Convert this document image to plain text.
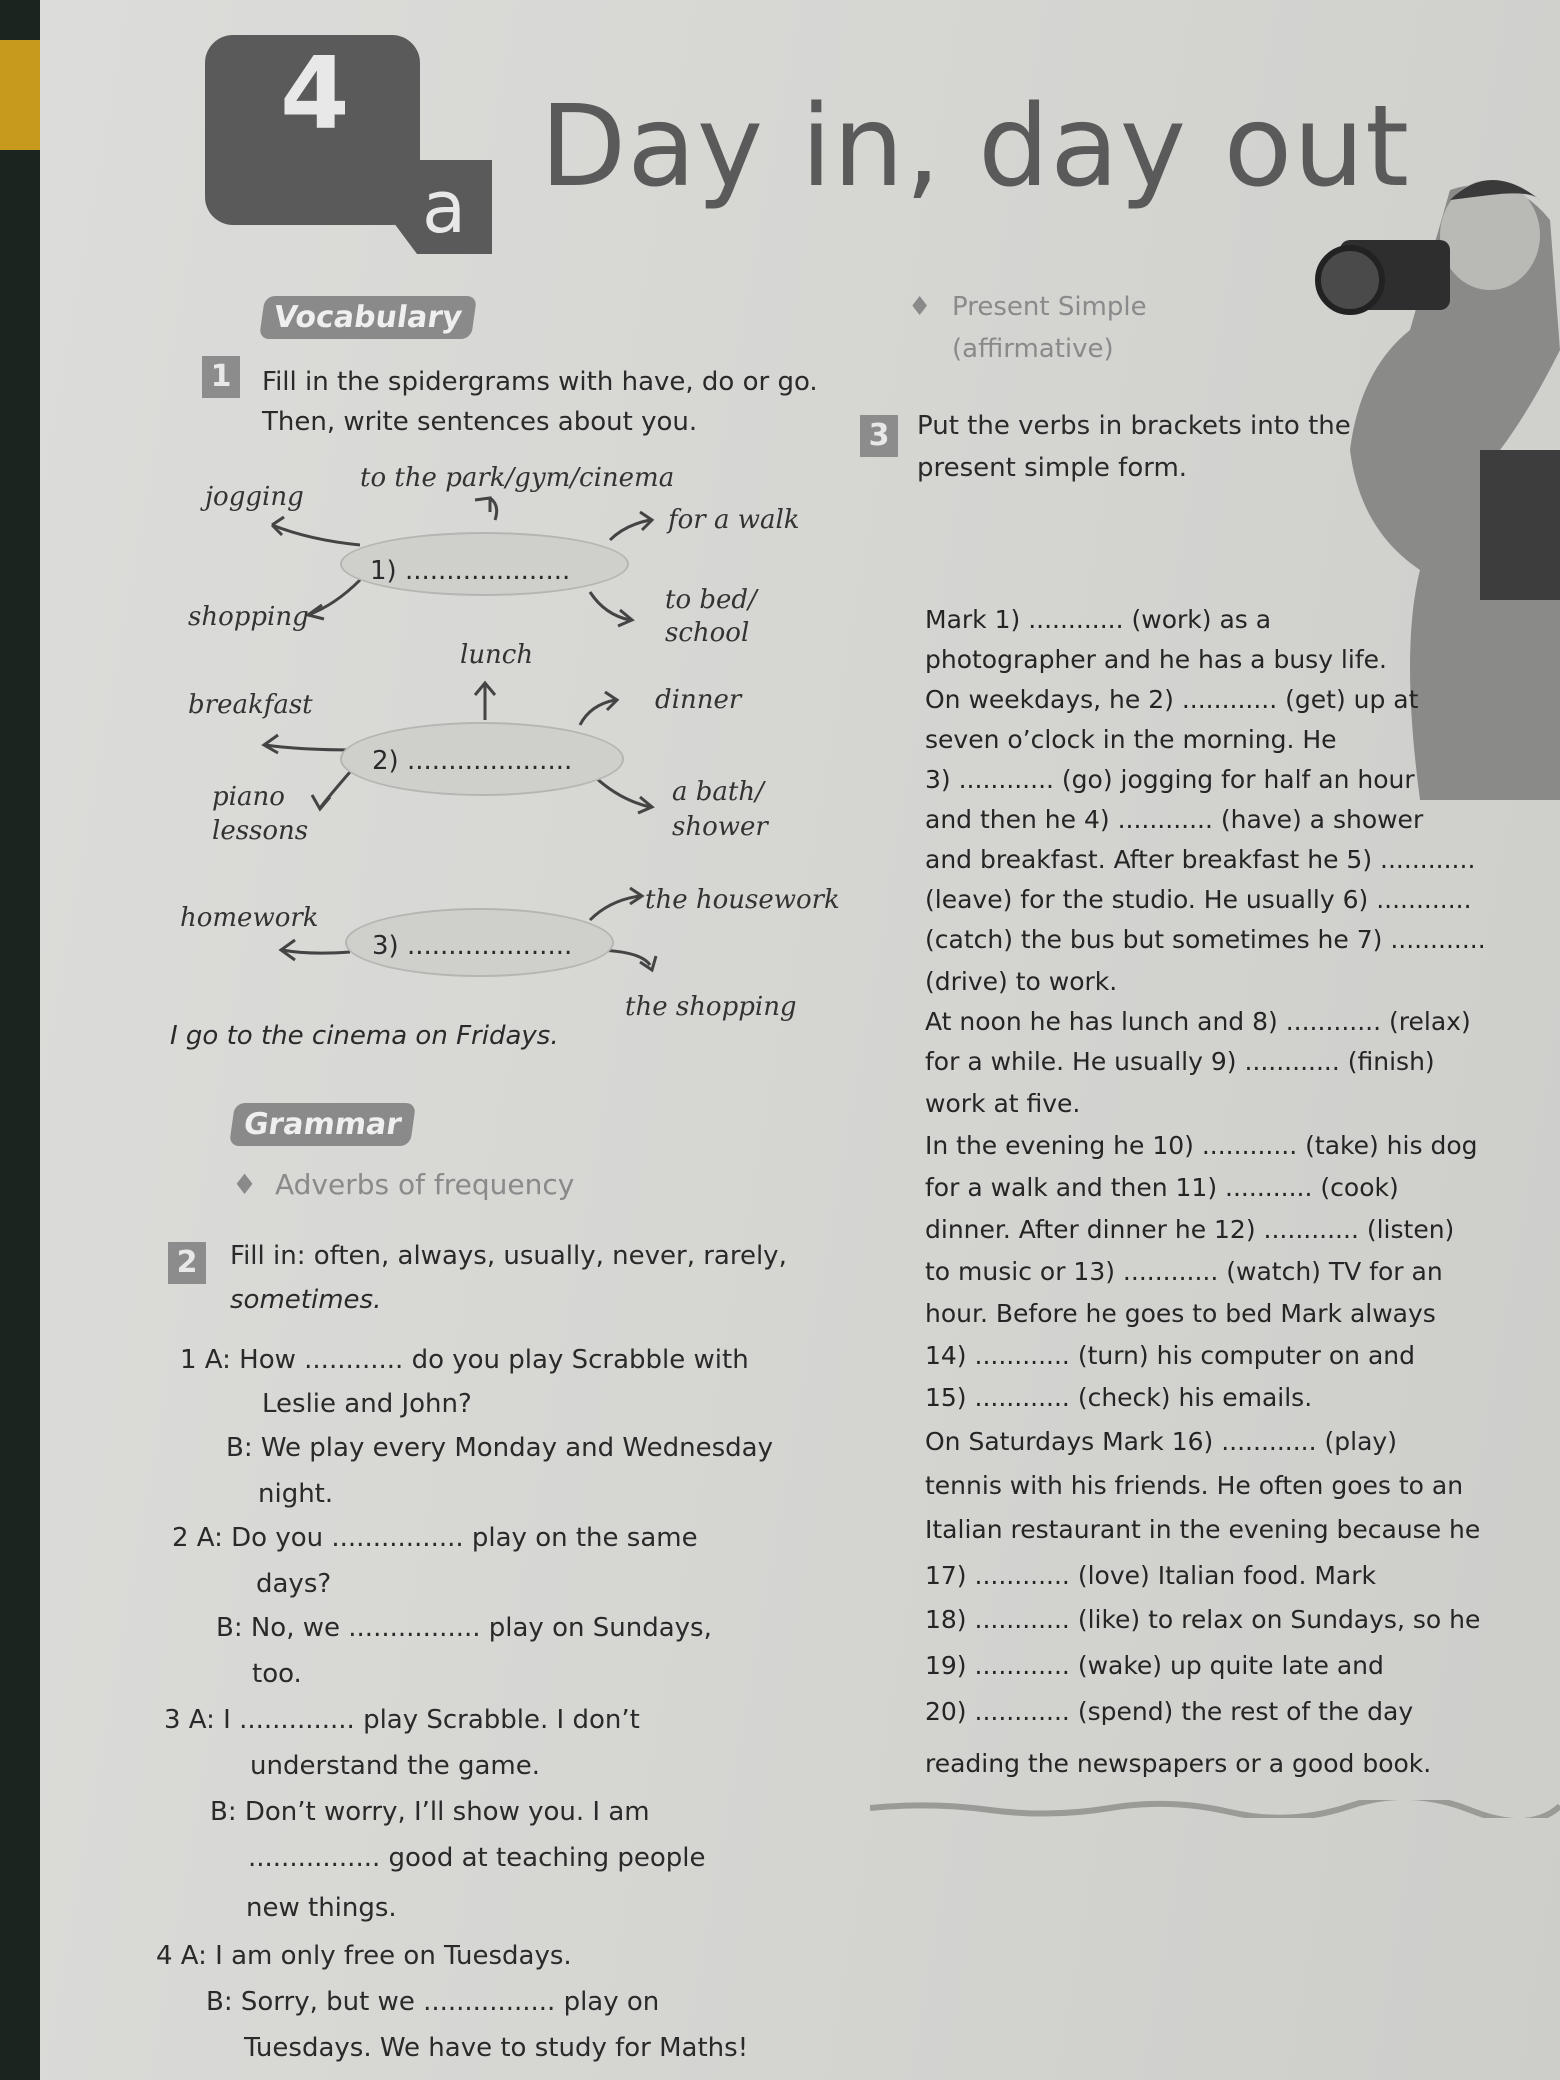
4
a Day in, day out
Vocabulary
1	Fill in the spidergrams with have, do or go.
Then, write sentences about you.
1) ....................
jogging
to the park/gym/cinema
for a walk
shopping
to bed/
school
2) ....................
lunch
breakfast	dinner
piano
lessons
a bath/
shower
3) ....................
homework
the housework
the shopping
I go to the cinema on Fridays.
Grammar
♦ Adverbs of frequency
2	Fill in: often, always, usually, never, rarely,
sometimes.
1 A: How ............ do you play Scrabble with
Leslie and John?
B: We play every Monday and Wednesday
night.
2 A: Do you ................ play on the same
days?
B: No, we ................ play on Sundays,
too.
3 A: I .............. play Scrabble. I don’t
understand the game.
B: Don’t worry, I’ll show you. I am
................ good at teaching people
new things.
4 A: I am only free on Tuesdays.
B: Sorry, but we ................ play on
Tuesdays. We have to study for Maths!
♦ Present Simple
(affirmative)
3	Put the verbs in brackets into the
present simple form.
Mark 1) ............ (work) as a
photographer and he has a busy life.
On weekdays, he 2) ............ (get) up at
seven o’clock in the morning. He
3) ............ (go) jogging for half an hour
and then he 4) ............ (have) a shower
and breakfast. After breakfast he 5) ............
(leave) for the studio. He usually 6) ............
(catch) the bus but sometimes he 7) ............
(drive) to work.
At noon he has lunch and 8) ............ (relax)
for a while. He usually 9) ............ (finish)
work at five.
In the evening he 10) ............ (take) his dog
for a walk and then 11) ........... (cook)
dinner. After dinner he 12) ............ (listen)
to music or 13) ............ (watch) TV for an
hour. Before he goes to bed Mark always
14) ............ (turn) his computer on and
15) ............ (check) his emails.
On Saturdays Mark 16) ............ (play)
tennis with his friends. He often goes to an
Italian restaurant in the evening because he
17) ............ (love) Italian food. Mark
18) ............ (like) to relax on Sundays, so he
19) ............ (wake) up quite late and
20) ............ (spend) the rest of the day
reading the newspapers or a good book.
